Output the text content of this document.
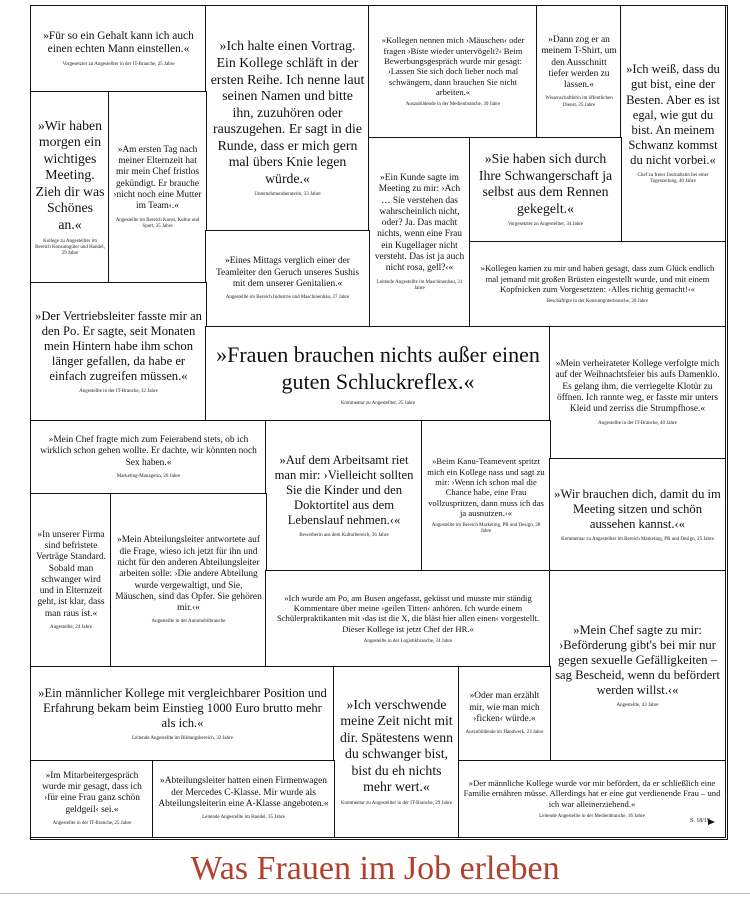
»Für so ein Gehalt kann ich auch einen echten Mann einstellen.«
Vorgesetzter zu Angestellter in der IT-Branche, 25 Jahre
»Ich halte einen Vortrag. Ein Kollege schläft in der ersten Reihe. Ich nenne laut seinen Namen und bitte ihn, zuzuhören oder rauszugehen. Er sagt in die Runde, dass er mich gern mal übers Knie legen würde.«
Unternehmensberaterin, 33 Jahre
»Kollegen nennen mich ›Mäuschen‹ oder fragen ›Biste wieder untervögelt?‹ Beim Bewerbungsgespräch wurde mir gesagt: ›Lassen Sie sich doch lieber noch mal schwängern, dann brauchen Sie nicht arbeiten.«
Auszubildende in der Medienbranche, 30 Jahre
»Dann zog er an meinem T-Shirt, um den Ausschnitt tiefer werden zu lassen.«
Wissenschaftlerin im öffentlichen Dienst, 25 Jahre
»Ich weiß, dass du gut bist, eine der Besten. Aber es ist egal, wie gut du bist. An meinem Schwanz kommst du nicht vorbei.«
Chef zu freier Journalistin bei einer Tageszeitung, 40 Jahre
»Wir haben morgen ein wichtiges Meeting. Zieh dir was Schönes an.«
Kollege zu Angestellter im Bereich Konsumgüter und Handel, 29 Jahre
»Am ersten Tag nach meiner Elternzeit hat mir mein Chef fristlos gekündigt. Er brauche ›nicht noch eine Mutter im Team‹.«
Angestellte im Bereich Kunst, Kultur und Sport, 35 Jahre
»Ein Kunde sagte im Meeting zu mir: ›Ach … Sie verstehen das wahrscheinlich nicht, oder? Ja. Das macht nichts, wenn eine Frau ein Kugellager nicht versteht. Das ist ja auch nicht rosa, gell?‹«
Leitende Angestellte im Maschinenbau, 31 Jahre
»Sie haben sich durch Ihre Schwangerschaft ja selbst aus dem Rennen gekegelt.«
Vorgesetzter zu Angestellter, 34 Jahre
»Eines Mittags verglich einer der Teamleiter den Geruch unseres Sushis mit dem unserer Genitalien.«
Angestellte im Bereich Industrie und Maschinenbau, 27 Jahre
»Kollegen kamen zu mir und haben gesagt, dass zum Glück endlich mal jemand mit großen Brüsten eingestellt wurde, und mit einem Kopfnicken zum Vorgesetzten: ›Alles richtig gemacht!‹«
Beschäftigte in der Konsumgüterbranche, 20 Jahre
»Der Vertriebsleiter fasste mir an den Po. Er sagte, seit Monaten mein Hintern habe ihm schon länger gefallen, da habe er einfach zugreifen müssen.«
Angestellte in der IT-Branche, 32 Jahre
»Frauen brauchen nichts außer einen guten Schluckreflex.«
Kommentar zu Angestellter, 25 Jahre
»Mein verheirateter Kollege verfolgte mich auf der Weihnachtsfeier bis aufs Damenklo. Es gelang ihm, die verriegelte Klotür zu öffnen. Ich rannte weg, er fasste mir unters Kleid und zerriss die Strumpfhose.«
Angestellte in der IT-Branche, 40 Jahre
»Mein Chef fragte mich zum Feierabend stets, ob ich wirklich schon gehen wollte. Er dachte, wir könnten noch Sex haben.«
Marketing-Managerin, 26 Jahre
»Auf dem Arbeitsamt riet man mir: ›Vielleicht sollten Sie die Kinder und den Doktortitel aus dem Lebenslauf nehmen.‹«
Bewerberin aus dem Kulturbereich, 36 Jahre
»Beim Kanu-Teamevent spritzt mich ein Kollege nass und sagt zu mir: ›Wenn ich schon mal die Chance habe, eine Frau vollzuspritzen, dann muss ich das ja ausnutzen.‹«
Angestellte im Bereich Marketing, PR und Design, 28 Jahre
»Wir brauchen dich, damit du im Meeting sitzen und schön aussehen kannst.‹«
Kommentar zu Angestellter im Bereich Marketing, PR und Design, 25 Jahre
»In unserer Firma sind befristete Verträge Standard. Sobald man schwanger wird und in Elternzeit geht, ist klar, dass man raus ist.«
Angestellte, 24 Jahre
»Mein Abteilungsleiter antwortete auf die Frage, wieso ich jetzt für ihn und nicht für den anderen Abteilungsleiter arbeiten solle: ›Die andere Abteilung wurde vergewaltigt, und Sie, Mäuschen, sind das Opfer. Sie gehören mir.‹«
Angestellte in der Automobilbranche
»Ich wurde am Po, am Busen angefasst, geküsst und musste mir ständig Kommentare über meine ›geilen Titten‹ anhören. Ich wurde einem Schülerpraktikanten mit ›das ist die X, die bläst hier allen einen‹ vorgestellt. Dieser Kollege ist jetzt Chef der HR.«
Angestellte in der Logistikbranche, 34 Jahre
»Mein Chef sagte zu mir: ›Beförderung gibt's bei mir nur gegen sexuelle Gefälligkeiten – sag Bescheid, wenn du befördert werden willst.‹«
Angestellte, 43 Jahre
»Ein männlicher Kollege mit vergleichbarer Position und Erfahrung bekam beim Einstieg 1000 Euro brutto mehr als ich.«
Leitende Angestellte im Bildungsbereich, 32 Jahre
»Ich verschwende meine Zeit nicht mit dir. Spätestens wenn du schwanger bist, bist du eh nichts mehr wert.«
Kommentar zu Angestellter in der IT-Branche, 29 Jahre
»Oder man erzählt mir, wie man mich ›ficken‹ würde.«
Auszubildende im Handwerk, 23 Jahre
»Im Mitarbeitergespräch wurde mir gesagt, dass ich ›für eine Frau ganz schön geldgeil‹ sei.«
Angestellte in der IT-Branche, 25 Jahre
»Abteilungsleiter hatten einen Firmenwagen der Mercedes C-Klasse. Mir wurde als Abteilungsleiterin eine A-Klasse angeboten.«
Leitende Angestellte im Handel, 35 Jahre
»Der männliche Kollege wurde vor mir befördert, da er schließlich eine Familie ernähren müsse. Allerdings hat er eine gut verdienende Frau – und ich war alleinerziehend.«
Leitende Angestellte in der Medienbranche, 36 Jahre
S. 18/19
Was Frauen im Job erleben
